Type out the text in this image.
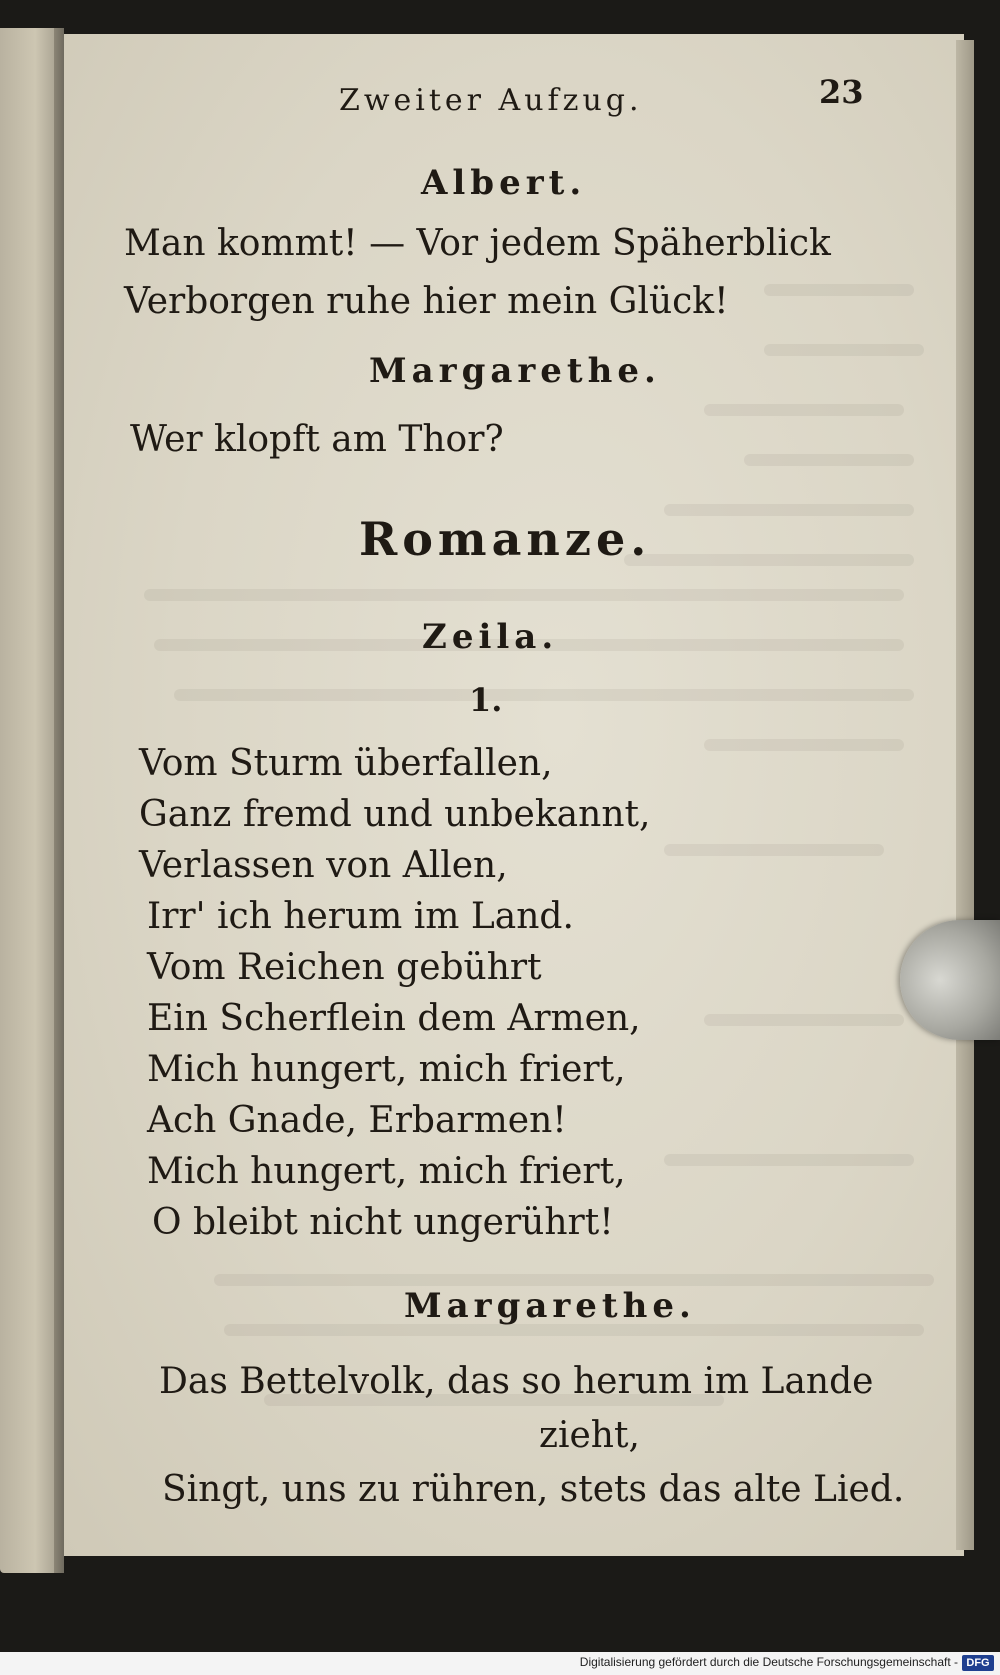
Zweiter Aufzug.	23

Albert.

Man kommt! — Vor jedem Späherblick

Verborgen ruhe hier mein Glück!

Margarethe.

Wer klopft am Thor?

Romanze.

Zeila.

1.

Vom Sturm überfallen,

Ganz fremd und unbekannt,

Verlassen von Allen,

Irr' ich herum im Land.

Vom Reichen gebührt

Ein Scherflein dem Armen,

Mich hungert, mich friert,

Ach Gnade, Erbarmen!

Mich hungert, mich friert,

O bleibt nicht ungerührt!

Margarethe.

Das Bettelvolk, das so herum im Lande

zieht,

Singt, uns zu rühren, stets das alte Lied.

Digitalisierung gefördert durch die Deutsche Forschungsgemeinschaft - DFG
